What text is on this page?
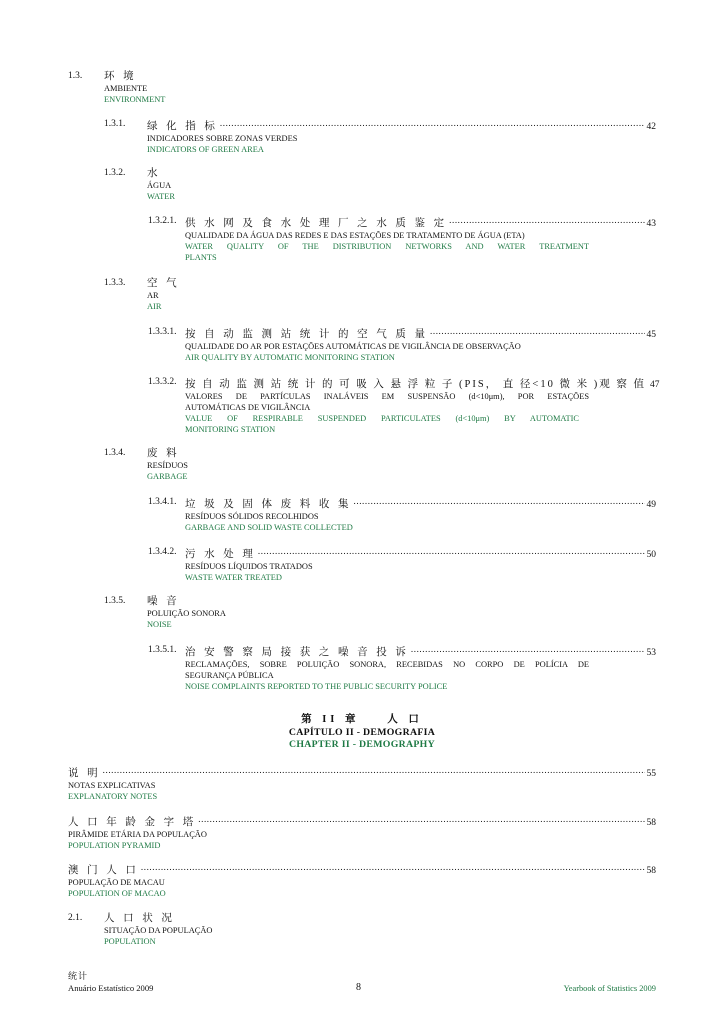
1.3. 环 境
AMBIENTE
ENVIRONMENT
1.3.1. 绿 化 指 标 .....	42
INDICADORES SOBRE ZONAS VERDES
INDICATORS OF GREEN AREA
1.3.2. 水
ÁGUA
WATER
1.3.2.1. 供 水 网 及 食 水 处 理 厂 之 水 质 鉴 定 .....	43
QUALIDADE DA ÁGUA DAS REDES E DAS ESTAÇÕES DE TRATAMENTO DE ÁGUA (ETA)
WATER QUALITY OF THE DISTRIBUTION NETWORKS AND WATER TREATMENT
PLANTS
1.3.3. 空 气
AR
AIR
1.3.3.1. 按 自 动 监 测 站 统 计 的 空 气 质 量 .....	45
QUALIDADE DO AR POR ESTAÇÕES AUTOMÁTICAS DE VIGILÂNCIA DE OBSERVAÇÃO
AIR QUALITY BY AUTOMATIC MONITORING STATION
1.3.3.2. 按 自 动 监 测 站 统 计 的 可 吸 入 悬 浮 粒 子 (PIS， 直 径<10 微 米 )观 察 值 47
VALORES DE PARTÍCULAS INALÁVEIS EM SUSPENSÃO (d<10μm), POR ESTAÇÕES
AUTOMÁTICAS DE VIGILÂNCIA
VALUE OF RESPIRABLE SUSPENDED PARTICULATES (d<10μm) BY AUTOMATIC
MONITORING STATION
1.3.4. 废 料
RESÍDUOS
GARBAGE
1.3.4.1. 垃 圾 及 固 体 废 料 收 集 .....	49
RESÍDUOS SÓLIDOS RECOLHIDOS
GARBAGE AND SOLID WASTE COLLECTED
1.3.4.2. 污 水 处 理 .....	50
RESÍDUOS LÍQUIDOS TRATADOS
WASTE WATER TREATED
1.3.5. 噪 音
POLUIÇÃO SONORA
NOISE
1.3.5.1. 治 安 警 察 局 接 获 之 噪 音 投 诉 .....	53
RECLAMAÇÕES, SOBRE POLUIÇÃO SONORA, RECEBIDAS NO CORPO DE POLÍCIA DE
SEGURANÇA PÚBLICA
NOISE COMPLAINTS REPORTED TO THE PUBLIC SECURITY POLICE
第 II 章 　 人 口
CAPÍTULO II - DEMOGRAFIA
CHAPTER II - DEMOGRAPHY
说 明 .....	55
NOTAS EXPLICATIVAS
EXPLANATORY NOTES
人 口 年 龄 金 字 塔 .....	58
PIRÂMIDE ETÁRIA DA POPULAÇÃO
POPULATION PYRAMID
澳 门 人 口 .....	58
POPULAÇÃO DE MACAU
POPULATION OF MACAO
2.1. 人 口 状 况
SITUAÇÃO DA POPULAÇÃO
POPULATION
统计
Anuário Estatístico 2009	8	Yearbook of Statistics 2009
